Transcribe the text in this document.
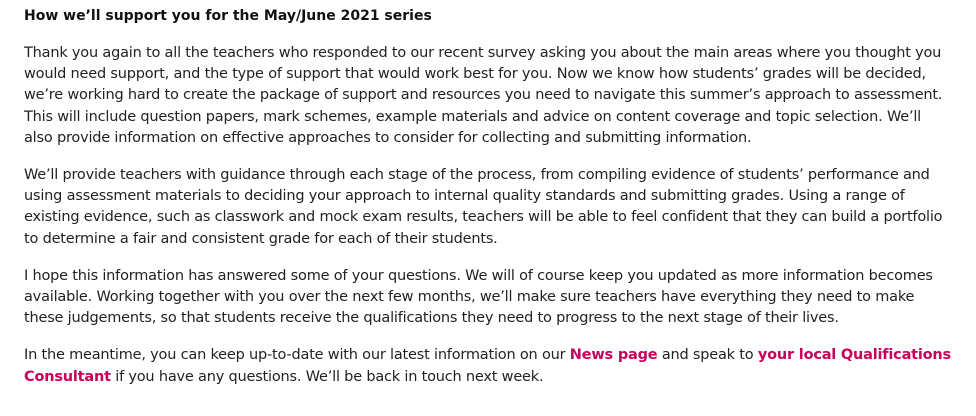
How we’ll support you for the May/June 2021 series

Thank you again to all the teachers who responded to our recent survey asking you about the main areas where you thought you would need support, and the type of support that would work best for you. Now we know how students’ grades will be decided, we’re working hard to create the package of support and resources you need to navigate this summer’s approach to assessment. This will include question papers, mark schemes, example materials and advice on content coverage and topic selection. We’ll also provide information on effective approaches to consider for collecting and submitting information.

We’ll provide teachers with guidance through each stage of the process, from compiling evidence of students’ performance and using assessment materials to deciding your approach to internal quality standards and submitting grades. Using a range of existing evidence, such as classwork and mock exam results, teachers will be able to feel confident that they can build a portfolio to determine a fair and consistent grade for each of their students.

I hope this information has answered some of your questions. We will of course keep you updated as more information becomes available. Working together with you over the next few months, we’ll make sure teachers have everything they need to make these judgements, so that students receive the qualifications they need to progress to the next stage of their lives.

In the meantime, you can keep up-to-date with our latest information on our News page and speak to your local Qualifications Consultant if you have any questions. We’ll be back in touch next week.
